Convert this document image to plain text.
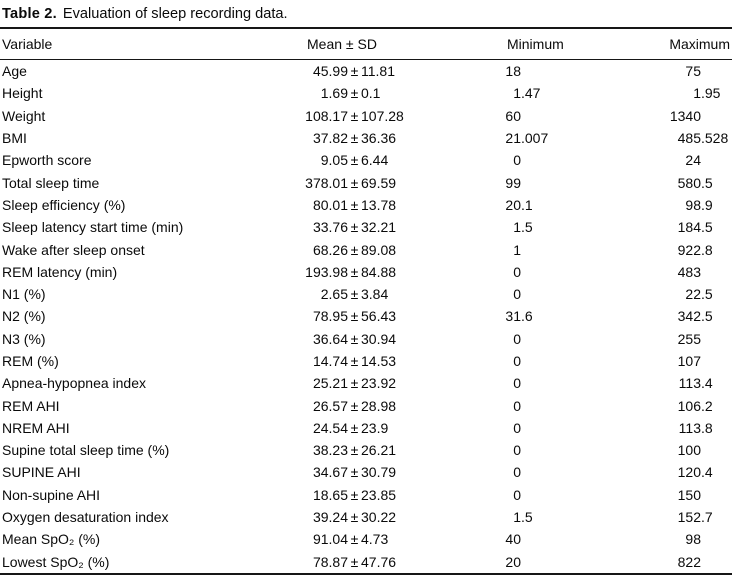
Table 2. Evaluation of sleep recording data.
Variable	Mean ± SD	Minimum	Maximum
Age	45.99 ± 11.81	18	75
Height	1.69 ± 0.1	1 .47	1 .95
Weight	108.17 ± 107.28	60	1340
BMI	37.82 ± 36.36	21 .007	485 .528
Epworth score	9.05 ± 6.44	0	24
Total sleep time	378.01 ± 69.59	99	580 .5
Sleep efficiency (%)	80.01 ± 13.78	20 .1	98 .9
Sleep latency start time (min)	33.76 ± 32.21	1 .5	184 .5
Wake after sleep onset	68.26 ± 89.08	1	922 .8
REM latency (min)	193.98 ± 84.88	0	483
N1 (%)	2.65 ± 3.84	0	22 .5
N2 (%)	78.95 ± 56.43	31 .6	342 .5
N3 (%)	36.64 ± 30.94	0	255
REM (%)	14.74 ± 14.53	0	107
Apnea-hypopnea index	25.21 ± 23.92	0	113 .4
REM AHI	26.57 ± 28.98	0	106 .2
NREM AHI	24.54 ± 23.9	0	113 .8
Supine total sleep time (%)	38.23 ± 26.21	0	100
SUPINE AHI	34.67 ± 30.79	0	120 .4
Non-supine AHI	18.65 ± 23.85	0	150
Oxygen desaturation index	39.24 ± 30.22	1 .5	152 .7
Mean SpO₂ (%)	91.04 ± 4.73	40	98
Lowest SpO₂ (%)	78.87 ± 47.76	20	822
